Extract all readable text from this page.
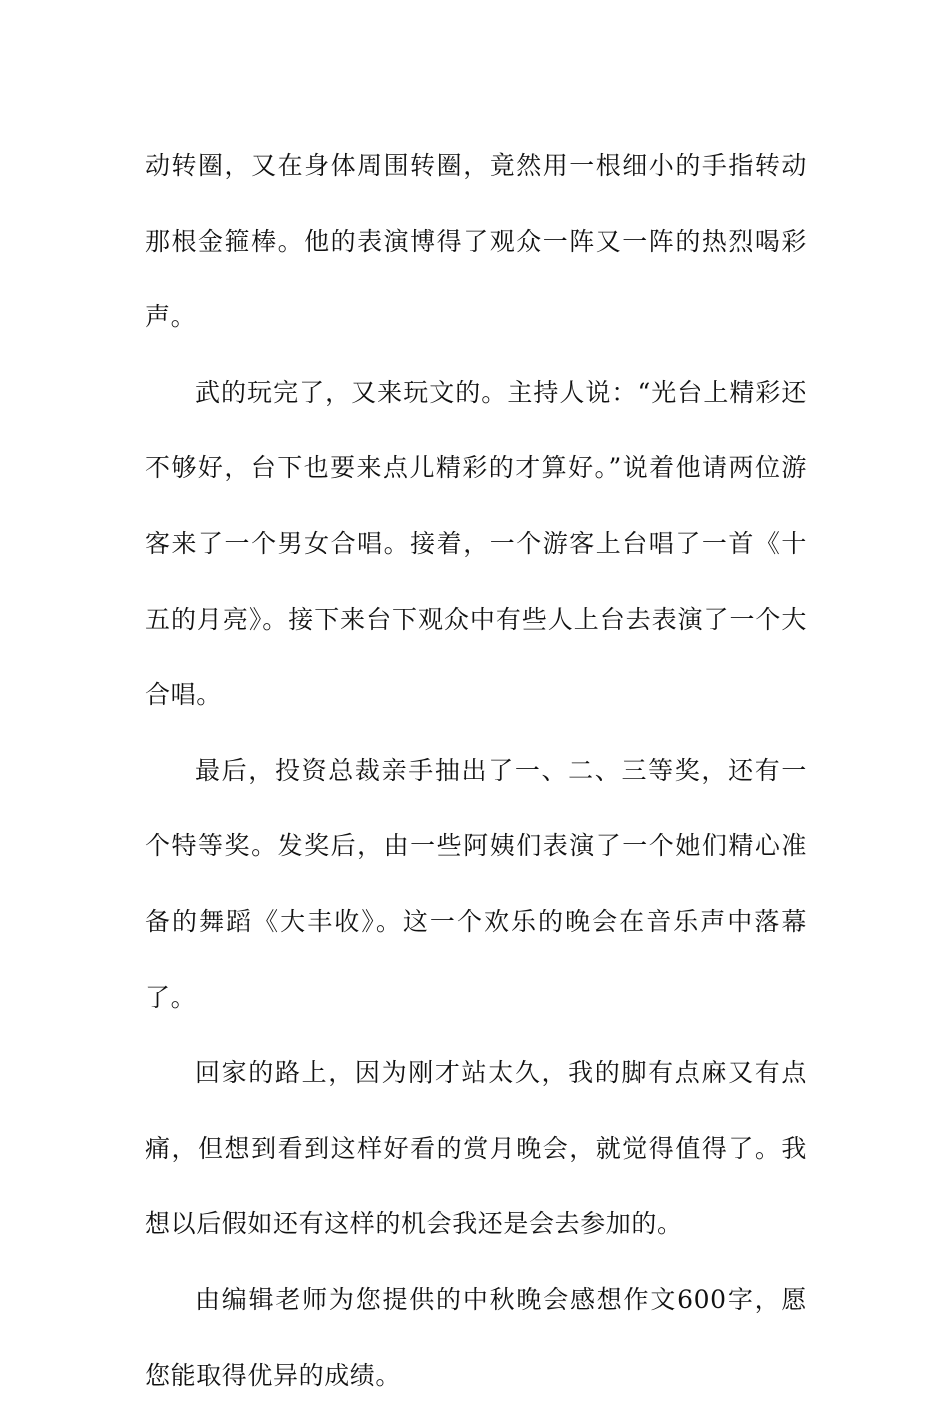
动转圈，又在身体周围转圈，竟然用一根细小的手指转动那根金箍棒。他的表演博得了观众一阵又一阵的热烈喝彩声。

武的玩完了，又来玩文的。主持人说：“光台上精彩还不够好，台下也要来点儿精彩的才算好。”说着他请两位游客来了一个男女合唱。接着，一个游客上台唱了一首《十五的月亮》。接下来台下观众中有些人上台去表演了一个大合唱。

最后，投资总裁亲手抽出了一、二、三等奖，还有一个特等奖。发奖后，由一些阿姨们表演了一个她们精心准备的舞蹈《大丰收》。这一个欢乐的晚会在音乐声中落幕了。

回家的路上，因为刚才站太久，我的脚有点麻又有点痛，但想到看到这样好看的赏月晚会，就觉得值得了。我想以后假如还有这样的机会我还是会去参加的。

由编辑老师为您提供的中秋晚会感想作文600字，愿您能取得优异的成绩。
